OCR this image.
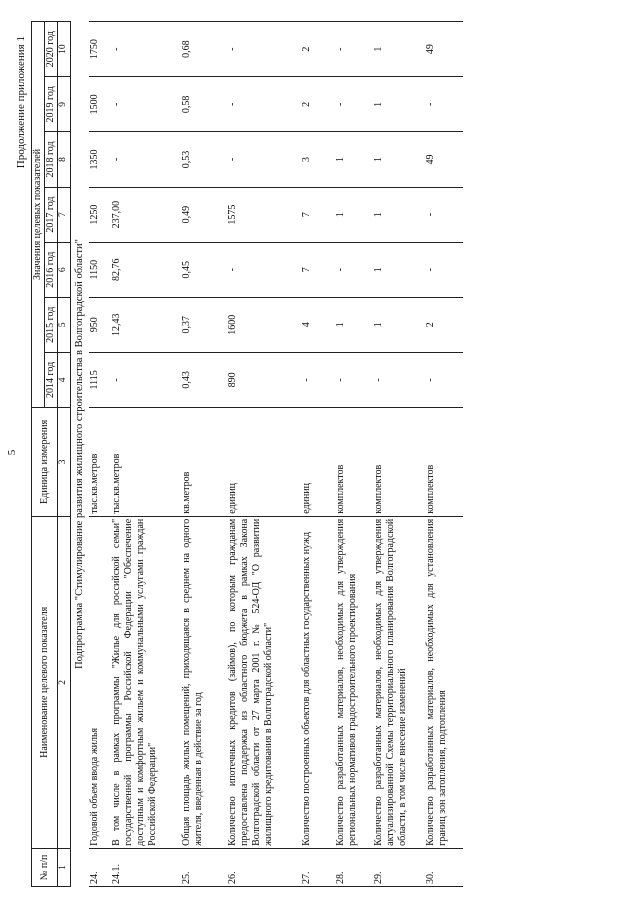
5
Продолжение приложения 1
№ п/п	Наименование целевого показателя	Единица измерения	Значения целевых показателей						
			2014 год	2015 год	2016 год	2017 год	2018 год	2019 год	2020 год
1	2	3	4	5	6	7	8	9	10
Подпрограмма "Стимулирование развития жилищного строительства в Волгоградской области"									
24.	Годовой объем ввода жилья	тыс.кв.метров	1115	950	1150	1250	1350	1500	1750
24.1.	В том числе в рамках программы "Жилье для российской семьи" государственной программы Российской Федерации "Обеспечение доступным и комфортным жильем и коммунальными услугами граждан Российской Федерации"	тыс.кв.метров	-	12,43	82,76	237,00	-	-	-
25.	Общая площадь жилых помещений, приходящаяся в среднем на одного жителя, введенная в действие за год	кв.метров	0,43	0,37	0,45	0,49	0,53	0,58	0,68
26.	Количество ипотечных кредитов (займов), по которым гражданам предоставлена поддержка из областного бюджета в рамках Закона Волгоградской области от 27 марта 2001 г. № 524-ОД "О развитии жилищного кредитования в Волгоградской области"	единиц	890	1600	-	1575	-	-	-
27.	Количество построенных объектов для областных государственных нужд	единиц	-	4	7	7	3	2	2
28.	Количество разработанных материалов, необходимых для утверждения региональных нормативов градостроительного проектирования	комплектов	-	1	-	1	1	-	-
29.	Количество разработанных материалов, необходимых для утверждения актуализированной Схемы территориального планирования Волгоградской области, в том числе внесение изменений	комплектов	-	1	1	1	1	1	1
30.	Количество разработанных материалов, необходимых для установления границ зон затопления, подтопления	комплектов	-	2	-	-	49	-	49
